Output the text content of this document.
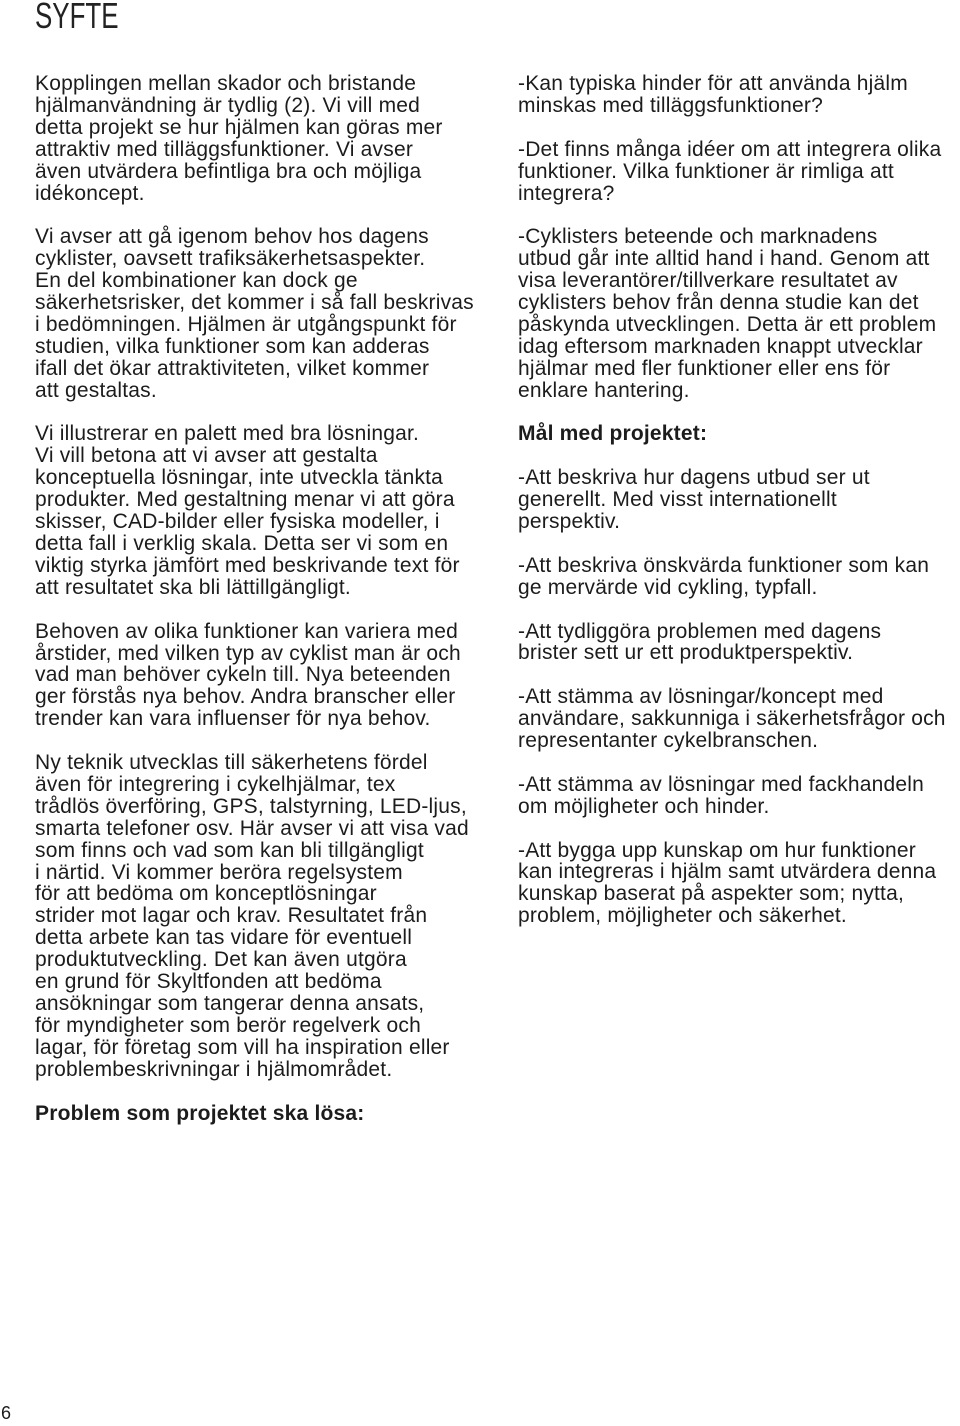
SYFTE

Kopplingen mellan skador och bristande
hjälmanvändning är tydlig (2). Vi vill med
detta projekt se hur hjälmen kan göras mer
attraktiv med tilläggsfunktioner. Vi avser
även utvärdera befintliga bra och möjliga
idékoncept.

Vi avser att gå igenom behov hos dagens
cyklister, oavsett trafiksäkerhetsaspekter.
En del kombinationer kan dock ge
säkerhetsrisker, det kommer i så fall beskrivas
i bedömningen. Hjälmen är utgångspunkt för
studien, vilka funktioner som kan adderas
ifall det ökar attraktiviteten, vilket kommer
att gestaltas.

Vi illustrerar en palett med bra lösningar.
Vi vill betona att vi avser att gestalta
konceptuella lösningar, inte utveckla tänkta
produkter. Med gestaltning menar vi att göra
skisser, CAD-bilder eller fysiska modeller, i
detta fall i verklig skala. Detta ser vi som en
viktig styrka jämfört med beskrivande text för
att resultatet ska bli lättillgängligt.

Behoven av olika funktioner kan variera med
årstider, med vilken typ av cyklist man är och
vad man behöver cykeln till. Nya beteenden
ger förstås nya behov. Andra branscher eller
trender kan vara influenser för nya behov.

Ny teknik utvecklas till säkerhetens fördel
även för integrering i cykelhjälmar, tex
trådlös överföring, GPS, talstyrning, LED-ljus,
smarta telefoner osv. Här avser vi att visa vad
som finns och vad som kan bli tillgängligt
i närtid. Vi kommer beröra regelsystem
för att bedöma om konceptlösningar
strider mot lagar och krav. Resultatet från
detta arbete kan tas vidare för eventuell
produktutveckling. Det kan även utgöra
en grund för Skyltfonden att bedöma
ansökningar som tangerar denna ansats,
för myndigheter som berör regelverk och
lagar, för företag som vill ha inspiration eller
problembeskrivningar i hjälmområdet.

Problem som projektet ska lösa:

-Kan typiska hinder för att använda hjälm
minskas med tilläggsfunktioner?

-Det finns många idéer om att integrera olika
funktioner. Vilka funktioner är rimliga att
integrera?

-Cyklisters beteende och marknadens
utbud går inte alltid hand i hand. Genom att
visa leverantörer/tillverkare resultatet av
cyklisters behov från denna studie kan det
påskynda utvecklingen. Detta är ett problem
idag eftersom marknaden knappt utvecklar
hjälmar med fler funktioner eller ens för
enklare hantering.

Mål med projektet:

-Att beskriva hur dagens utbud ser ut
generellt. Med visst internationellt
perspektiv.

-Att beskriva önskvärda funktioner som kan
ge mervärde vid cykling, typfall.

-Att tydliggöra problemen med dagens
brister sett ur ett produktperspektiv.

-Att stämma av lösningar/koncept med
användare, sakkunniga i säkerhetsfrågor och
representanter cykelbranschen.

-Att stämma av lösningar med fackhandeln
om möjligheter och hinder.

-Att bygga upp kunskap om hur funktioner
kan integreras i hjälm samt utvärdera denna
kunskap baserat på aspekter som; nytta,
problem, möjligheter och säkerhet.

6
